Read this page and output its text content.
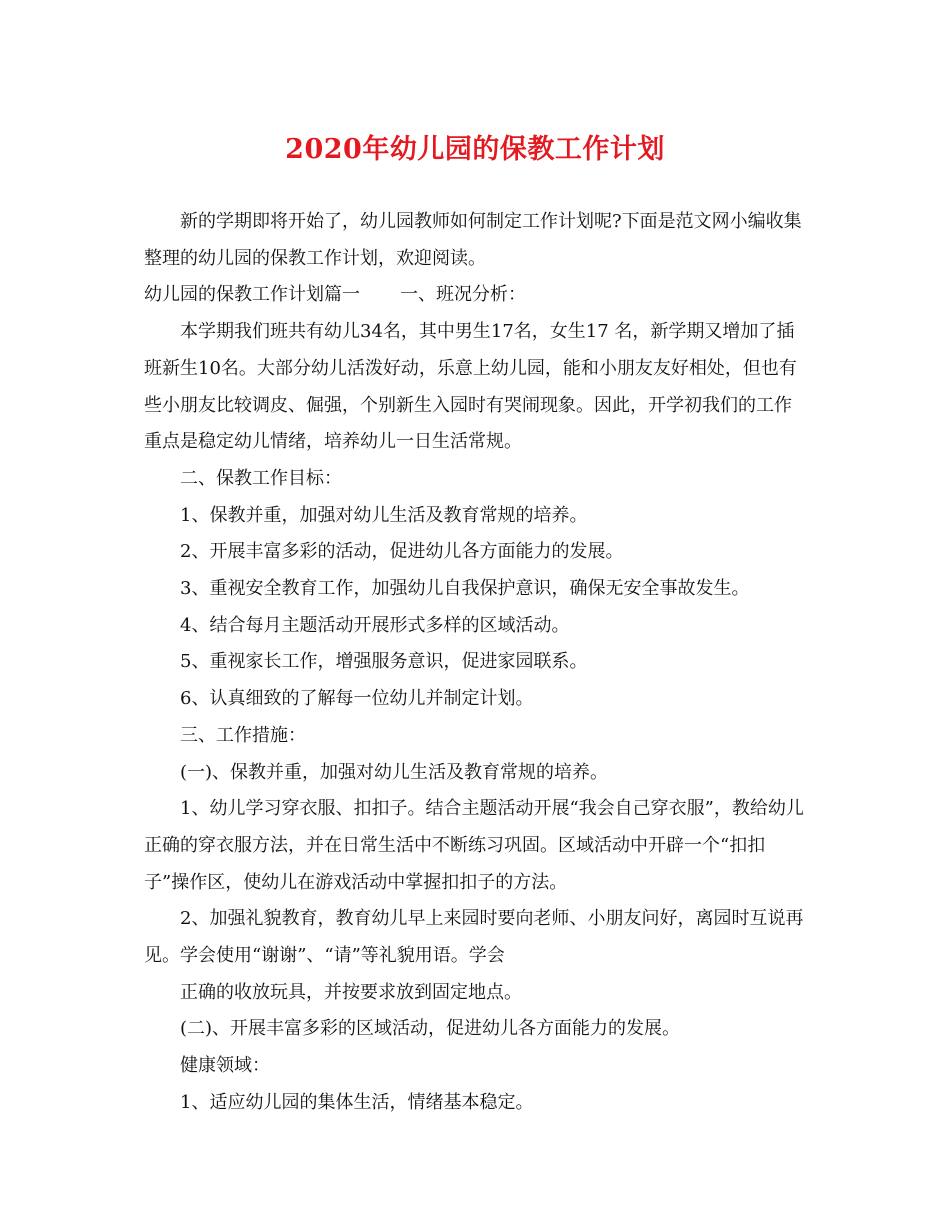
2020年幼儿园的保教工作计划

新的学期即将开始了，幼儿园教师如何制定工作计划呢?下面是范文网小编收集整理的幼儿园的保教工作计划，欢迎阅读。

幼儿园的保教工作计划篇一 一、班况分析：

本学期我们班共有幼儿34名，其中男生17名，女生17 名，新学期又增加了插班新生10名。大部分幼儿活泼好动，乐意上幼儿园，能和小朋友友好相处，但也有些小朋友比较调皮、倔强，个别新生入园时有哭闹现象。因此，开学初我们的工作重点是稳定幼儿情绪，培养幼儿一日生活常规。

二、保教工作目标：

1、保教并重，加强对幼儿生活及教育常规的培养。

2、开展丰富多彩的活动，促进幼儿各方面能力的发展。

3、重视安全教育工作，加强幼儿自我保护意识，确保无安全事故发生。

4、结合每月主题活动开展形式多样的区域活动。

5、重视家长工作，增强服务意识，促进家园联系。

6、认真细致的了解每一位幼儿并制定计划。

三、工作措施：

(一)、保教并重，加强对幼儿生活及教育常规的培养。

1、幼儿学习穿衣服、扣扣子。结合主题活动开展“我会自己穿衣服”，教给幼儿正确的穿衣服方法，并在日常生活中不断练习巩固。区域活动中开辟一个“扣扣子”操作区，使幼儿在游戏活动中掌握扣扣子的方法。

2、加强礼貌教育，教育幼儿早上来园时要向老师、小朋友问好，离园时互说再见。学会使用“谢谢”、“请”等礼貌用语。学会

正确的收放玩具，并按要求放到固定地点。

(二)、开展丰富多彩的区域活动，促进幼儿各方面能力的发展。

健康领域：

1、适应幼儿园的集体生活，情绪基本稳定。
